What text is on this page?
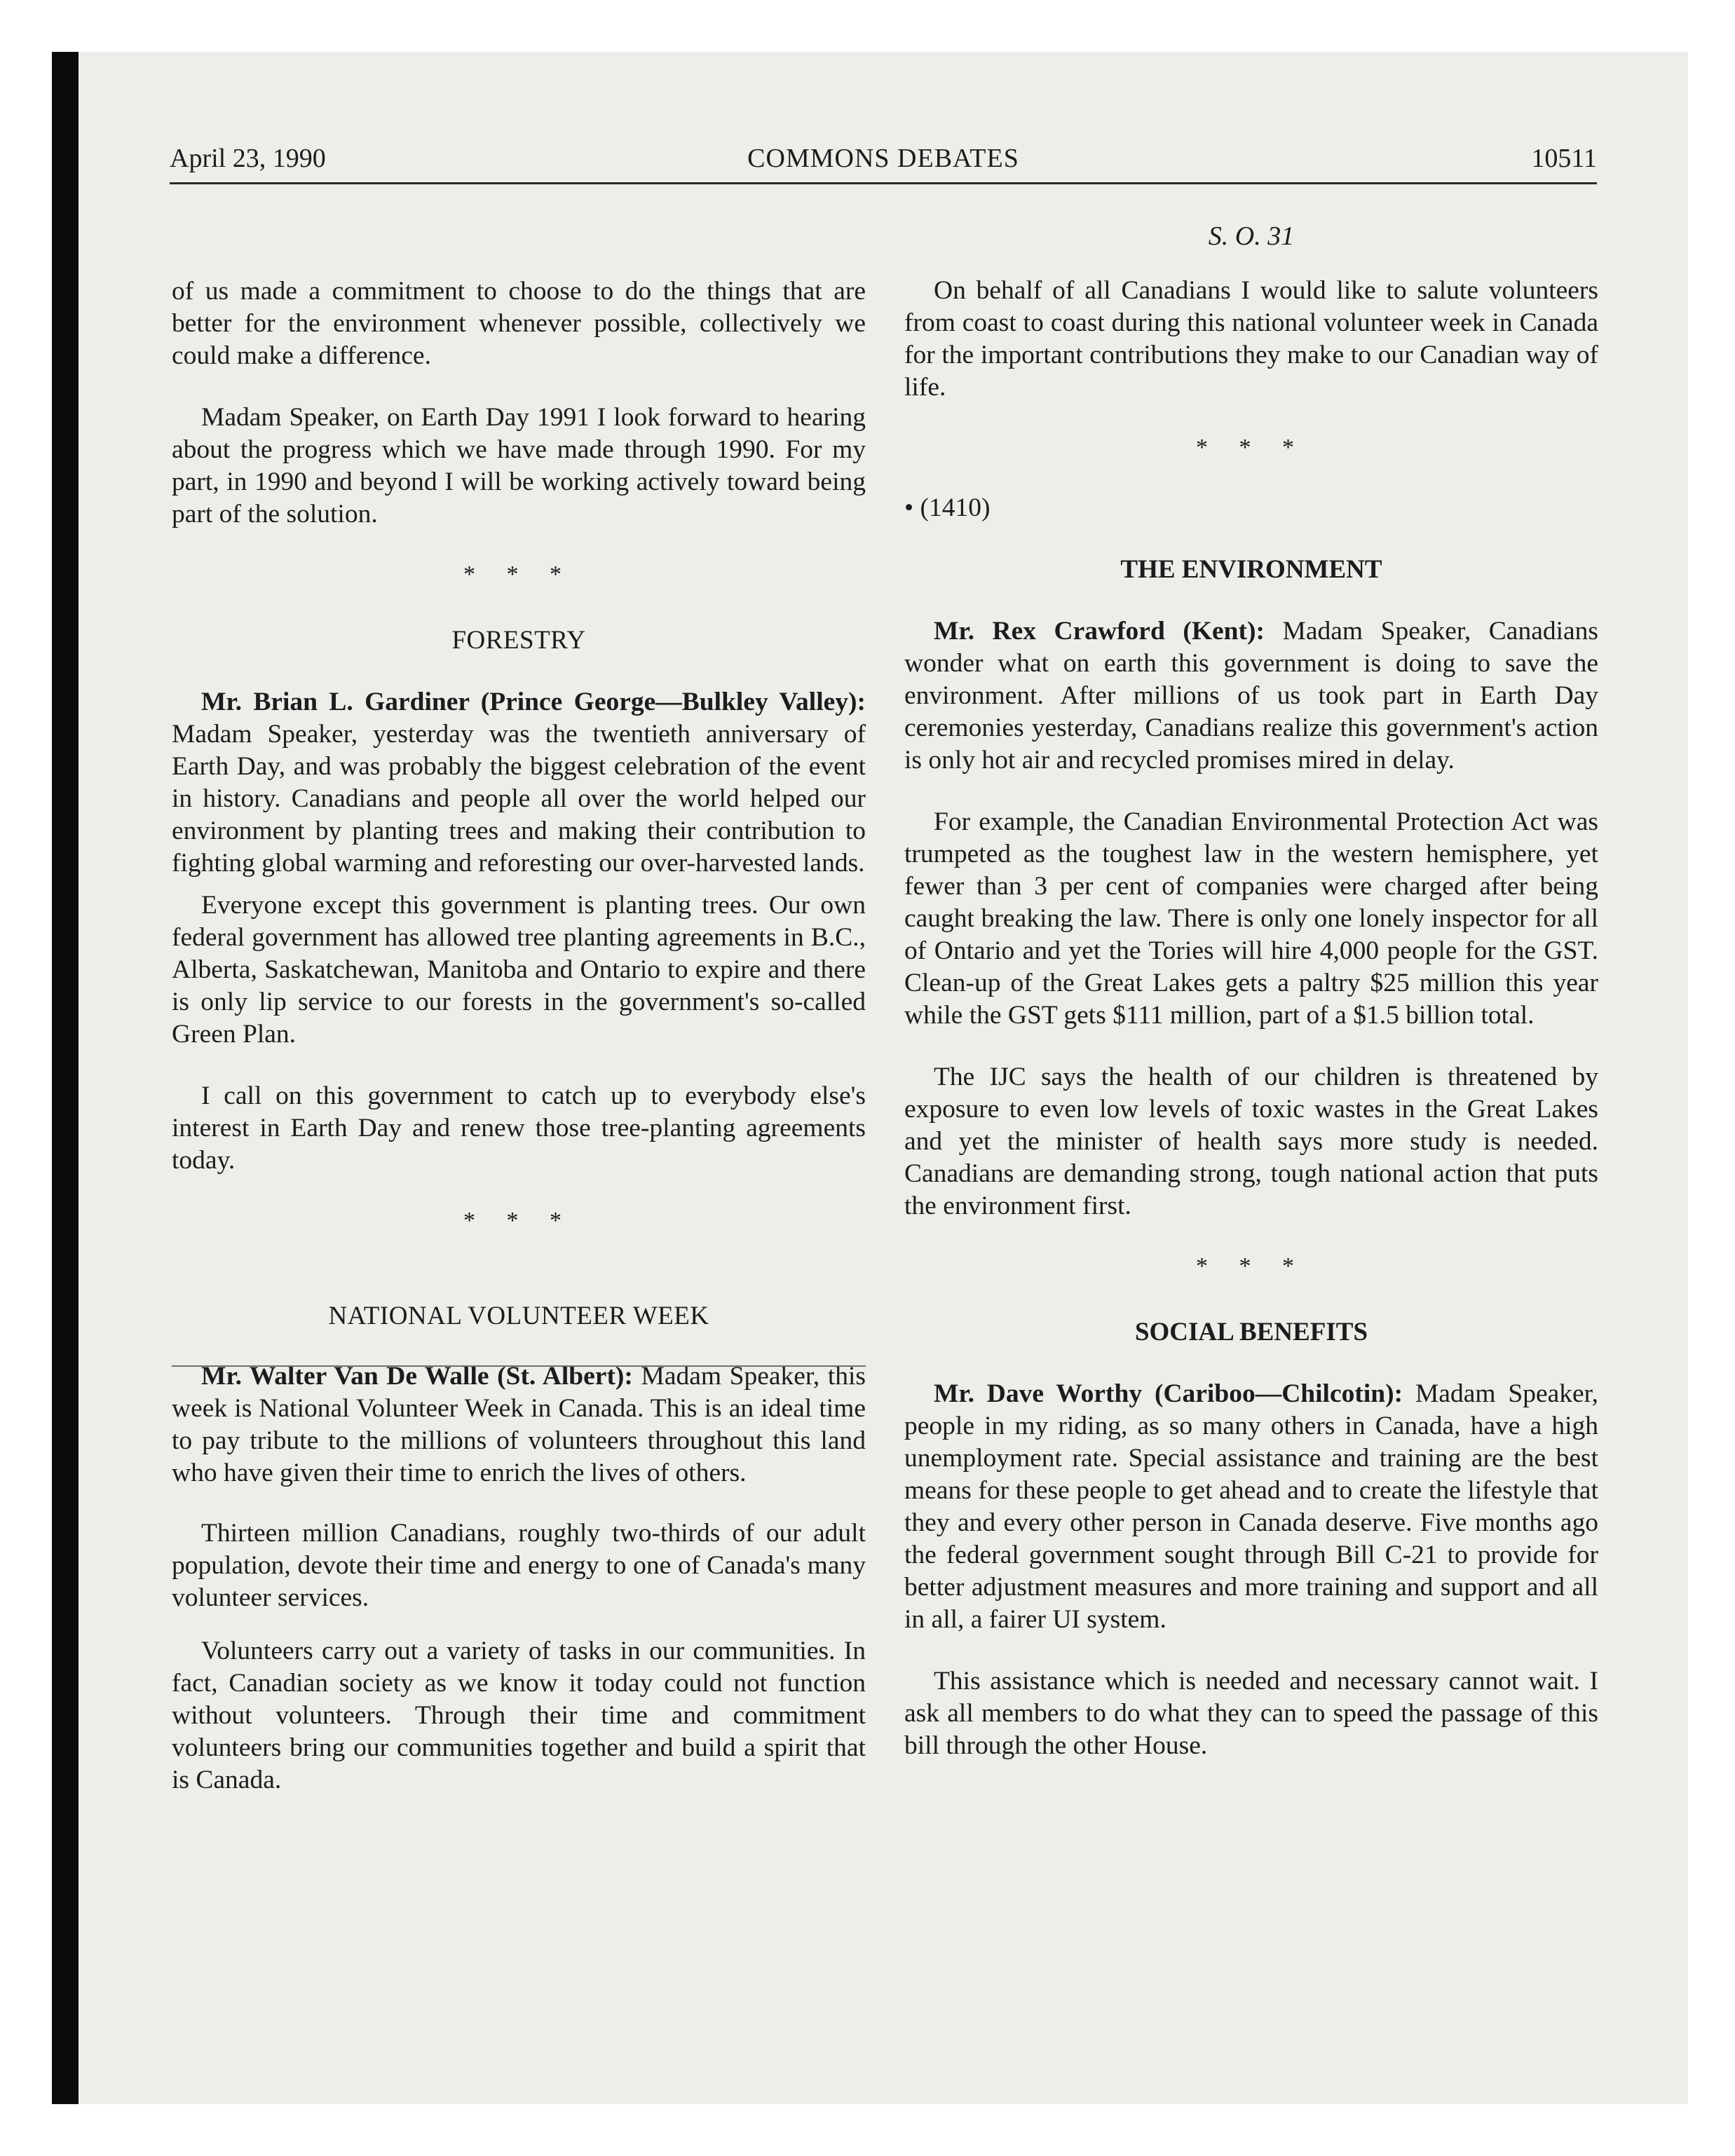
April 23, 1990	COMMONS DEBATES	10511

of us made a commitment to choose to do the things that are better for the environment whenever possible, collectively we could make a difference.

Madam Speaker, on Earth Day 1991 I look forward to hearing about the progress which we have made through 1990. For my part, in 1990 and beyond I will be working actively toward being part of the solution.

* * *
FORESTRY

Mr. Brian L. Gardiner (Prince George—Bulkley Valley): Madam Speaker, yesterday was the twentieth anniversary of Earth Day, and was probably the biggest celebration of the event in history. Canadians and people all over the world helped our environment by planting trees and making their contribution to fighting global warming and reforesting our over-harvested lands.

Everyone except this government is planting trees. Our own federal government has allowed tree planting agreements in B.C., Alberta, Saskatchewan, Manitoba and Ontario to expire and there is only lip service to our forests in the government's so-called Green Plan.

I call on this government to catch up to everybody else's interest in Earth Day and renew those tree-planting agreements today.

* * *
NATIONAL VOLUNTEER WEEK

Mr. Walter Van De Walle (St. Albert): Madam Speaker, this week is National Volunteer Week in Canada. This is an ideal time to pay tribute to the millions of volunteers throughout this land who have given their time to enrich the lives of others.

Thirteen million Canadians, roughly two-thirds of our adult population, devote their time and energy to one of Canada's many volunteer services.

Volunteers carry out a variety of tasks in our communities. In fact, Canadian society as we know it today could not function without volunteers. Through their time and commitment volunteers bring our communities together and build a spirit that is Canada.

S. O. 31

On behalf of all Canadians I would like to salute volunteers from coast to coast during this national volunteer week in Canada for the important contributions they make to our Canadian way of life.

* * *

• (1410)

THE ENVIRONMENT

Mr. Rex Crawford (Kent): Madam Speaker, Canadians wonder what on earth this government is doing to save the environment. After millions of us took part in Earth Day ceremonies yesterday, Canadians realize this government's action is only hot air and recycled promises mired in delay.

For example, the Canadian Environmental Protection Act was trumpeted as the toughest law in the western hemisphere, yet fewer than 3 per cent of companies were charged after being caught breaking the law. There is only one lonely inspector for all of Ontario and yet the Tories will hire 4,000 people for the GST. Clean-up of the Great Lakes gets a paltry $25 million this year while the GST gets $111 million, part of a $1.5 billion total.

The IJC says the health of our children is threatened by exposure to even low levels of toxic wastes in the Great Lakes and yet the minister of health says more study is needed. Canadians are demanding strong, tough national action that puts the environment first.

* * *
SOCIAL BENEFITS

Mr. Dave Worthy (Cariboo—Chilcotin): Madam Speaker, people in my riding, as so many others in Canada, have a high unemployment rate. Special assistance and training are the best means for these people to get ahead and to create the lifestyle that they and every other person in Canada deserve. Five months ago the federal government sought through Bill C-21 to provide for better adjustment measures and more training and support and all in all, a fairer UI system.

This assistance which is needed and necessary cannot wait. I ask all members to do what they can to speed the passage of this bill through the other House.
